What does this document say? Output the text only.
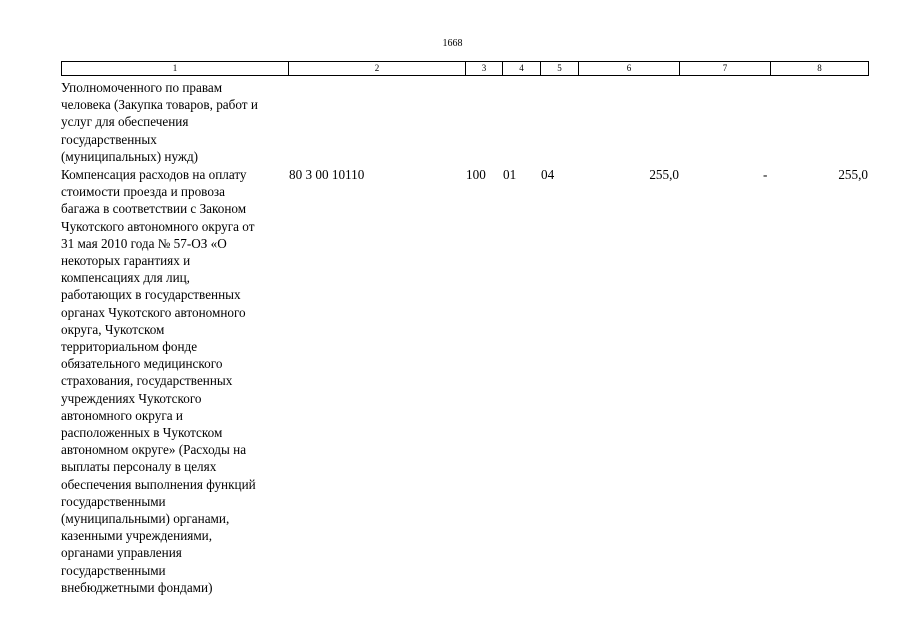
1668
1	2	3	4	5	6	7	8
Уполномоченного по правам
человека (Закупка товаров, работ и
услуг для обеспечения
государственных
(муниципальных) нужд)
Компенсация расходов на оплату
стоимости проезда и провоза
багажа в соответствии с Законом
Чукотского автономного округа от
31 мая 2010 года № 57-ОЗ «О
некоторых гарантиях и
компенсациях для лиц,
работающих в государственных
органах Чукотского автономного
округа, Чукотском
территориальном фонде
обязательного медицинского
страхования, государственных
учреждениях Чукотского
автономного округа и
расположенных в Чукотском
автономном округе» (Расходы на
выплаты персоналу в целях
обеспечения выполнения функций
государственными
(муниципальными) органами,
казенными учреждениями,
органами управления
государственными
внебюджетными фондами)
80 3 00 10110	100 01 04	255,0	-	255,0
